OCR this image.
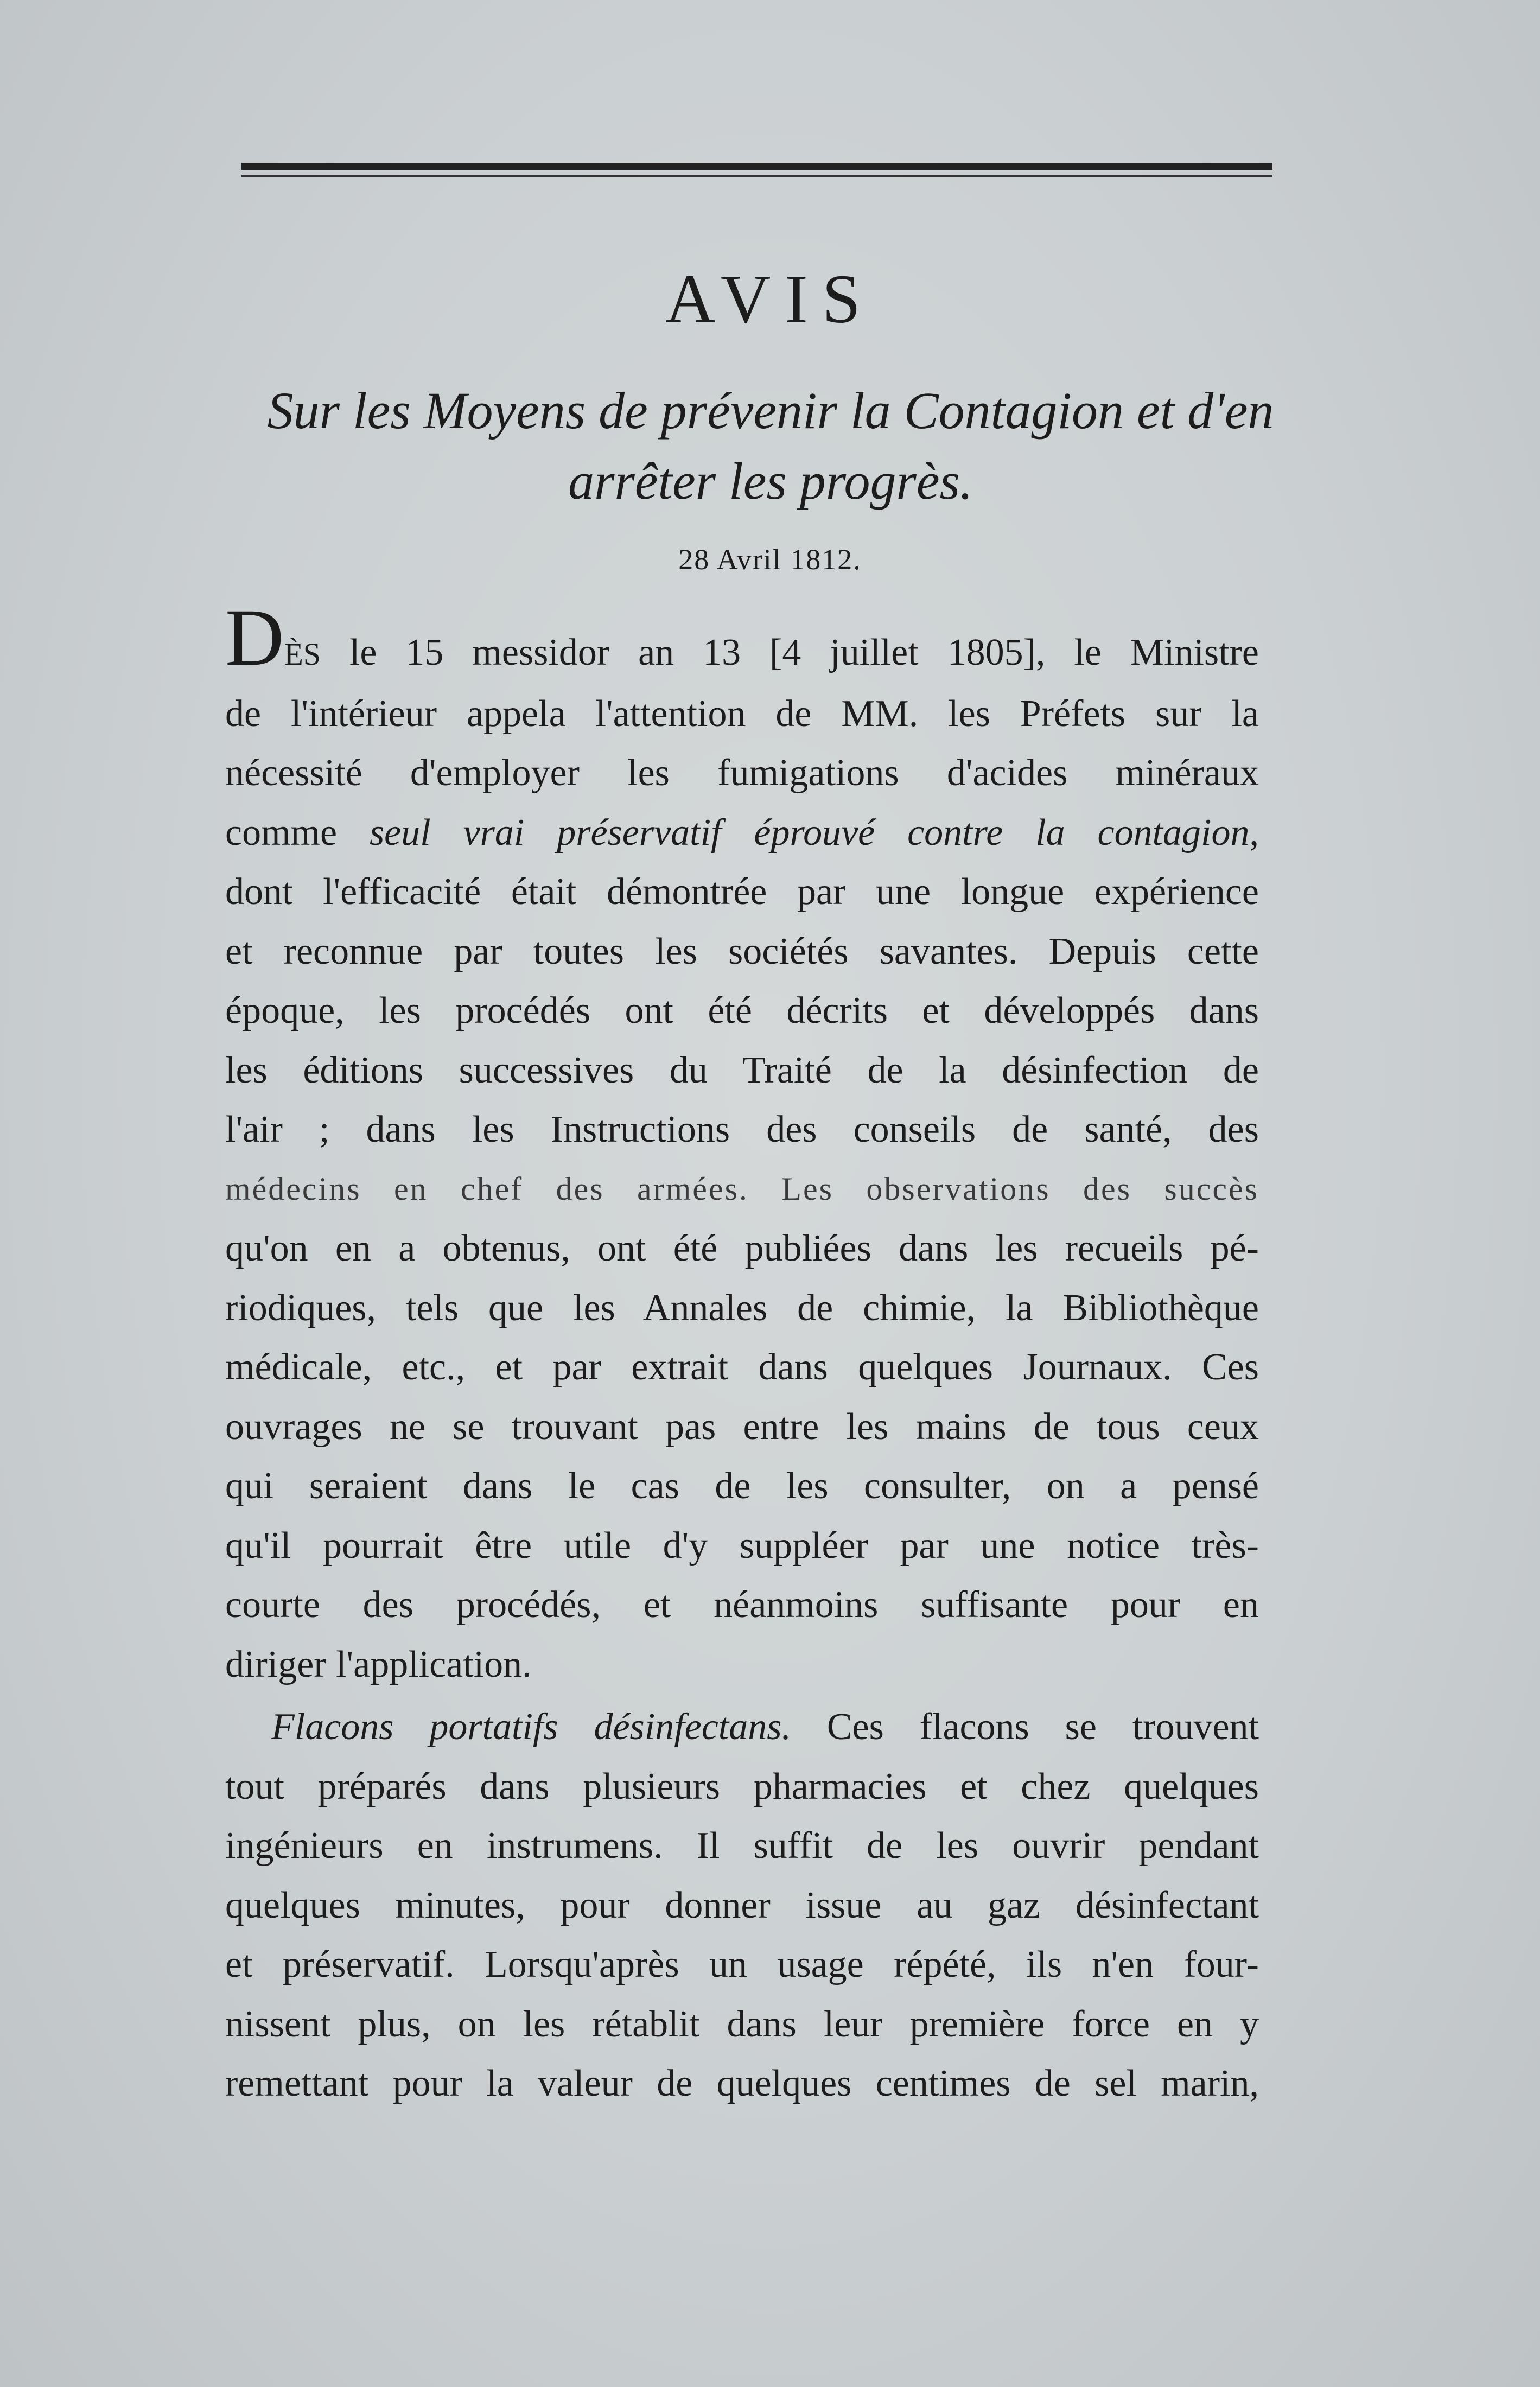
AVIS
Sur les Moyens de prévenir la Contagion et d'en
arrêter les progrès.
28 Avril 1812.
DÈS le 15 messidor an 13 [4 juillet 1805], le Ministre
de l'intérieur appela l'attention de MM. les Préfets sur la
nécessité d'employer les fumigations d'acides minéraux
comme seul vrai préservatif éprouvé contre la contagion,
dont l'efficacité était démontrée par une longue expérience
et reconnue par toutes les sociétés savantes. Depuis cette
époque, les procédés ont été décrits et développés dans
les éditions successives du Traité de la désinfection de
l'air ; dans les Instructions des conseils de santé, des
médecins en chef des armées. Les observations des succès
qu'on en a obtenus, ont été publiées dans les recueils pé-
riodiques, tels que les Annales de chimie, la Bibliothèque
médicale, etc., et par extrait dans quelques Journaux. Ces
ouvrages ne se trouvant pas entre les mains de tous ceux
qui seraient dans le cas de les consulter, on a pensé
qu'il pourrait être utile d'y suppléer par une notice très-
courte des procédés, et néanmoins suffisante pour en
diriger l'application.
Flacons portatifs désinfectans. Ces flacons se trouvent
tout préparés dans plusieurs pharmacies et chez quelques
ingénieurs en instrumens. Il suffit de les ouvrir pendant
quelques minutes, pour donner issue au gaz désinfectant
et préservatif. Lorsqu'après un usage répété, ils n'en four-
nissent plus, on les rétablit dans leur première force en y
remettant pour la valeur de quelques centimes de sel marin,
